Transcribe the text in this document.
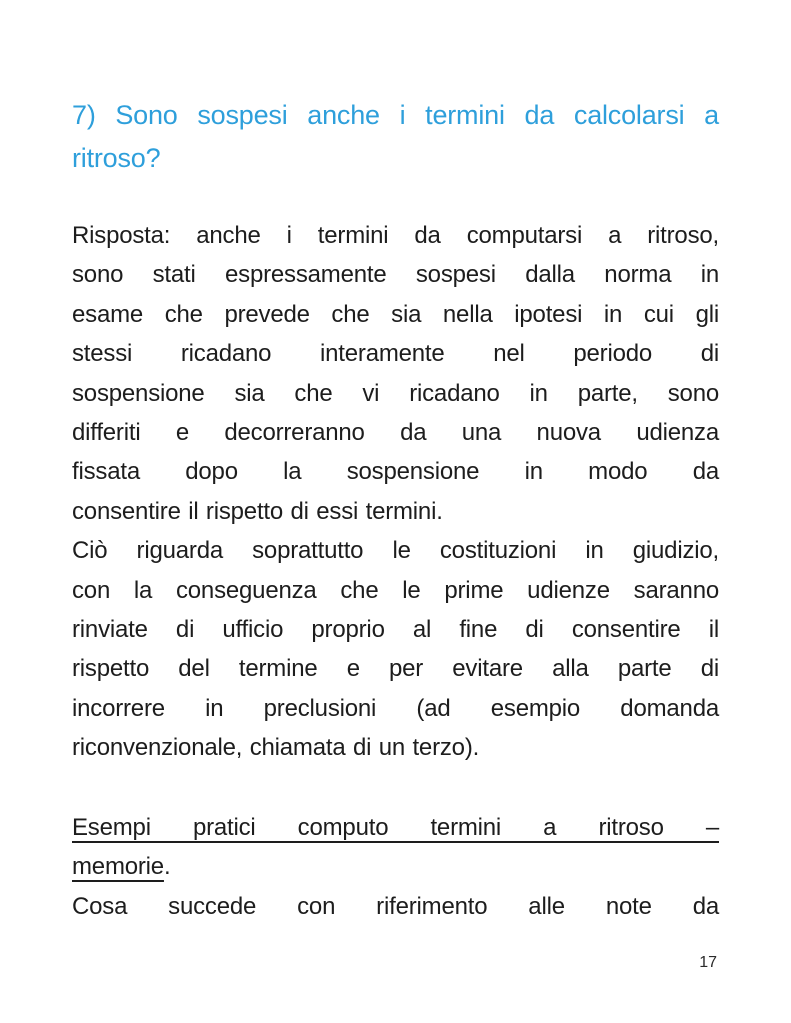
7) Sono sospesi anche i termini da calcolarsi a
ritroso?
Risposta: anche i termini da computarsi a ritroso,
sono stati espressamente sospesi dalla norma in
esame che prevede che sia nella ipotesi in cui gli
stessi ricadano interamente nel periodo di
sospensione sia che vi ricadano in parte, sono
differiti e decorreranno da una nuova udienza
fissata dopo la sospensione in modo da
consentire il rispetto di essi termini.
Ciò riguarda soprattutto le costituzioni in giudizio,
con la conseguenza che le prime udienze saranno
rinviate di ufficio proprio al fine di consentire il
rispetto del termine e per evitare alla parte di
incorrere in preclusioni (ad esempio domanda
riconvenzionale, chiamata di un terzo).
Esempi pratici computo termini a ritroso –
memorie.
Cosa succede con riferimento alle note da
17
